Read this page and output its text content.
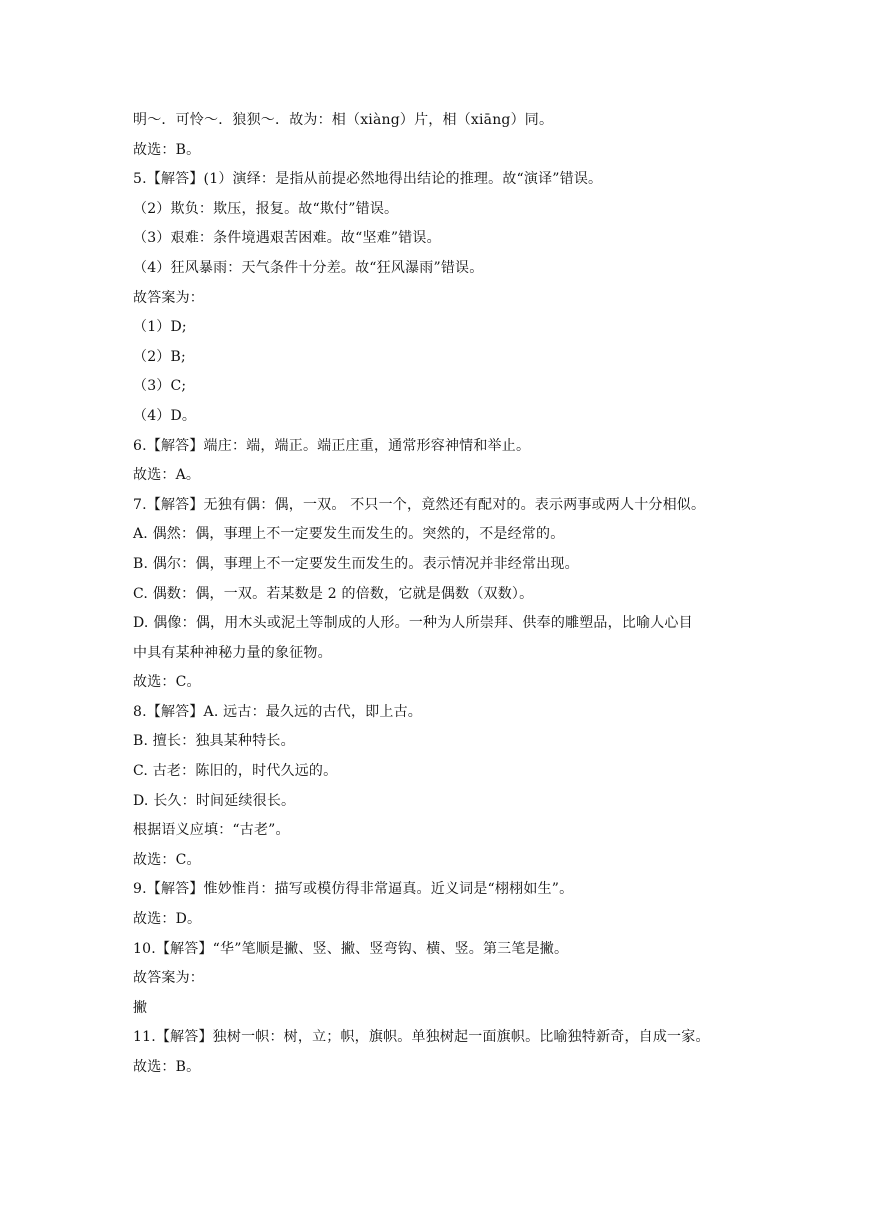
明～．可怜～．狼狈～．故为：相（xiàng）片，相（xiāng）同。
故选：B。
5.【解答】(1）演绎：是指从前提必然地得出结论的推理。故“演译”错误。
（2）欺负：欺压，报复。故“欺付”错误。
（3）艰难：条件境遇艰苦困难。故“坚难”错误。
（4）狂风暴雨：天气条件十分差。故“狂风瀑雨”错误。
故答案为：
（1）D;
（2）B;
（3）C;
（4）D。
6.【解答】端庄：端，端正。端正庄重，通常形容神情和举止。
故选：A。
7.【解答】无独有偶：偶，一双。 不只一个，竟然还有配对的。表示两事或两人十分相似。
A. 偶然：偶，事理上不一定要发生而发生的。突然的，不是经常的。
B. 偶尔：偶，事理上不一定要发生而发生的。表示情况并非经常出现。
C. 偶数：偶，一双。若某数是 2 的倍数，它就是偶数（双数）。
D. 偶像：偶，用木头或泥土等制成的人形。一种为人所崇拜、供奉的雕塑品，比喻人心目
中具有某种神秘力量的象征物。
故选：C。
8.【解答】A. 远古：最久远的古代，即上古。
B. 擅长：独具某种特长。
C. 古老：陈旧的，时代久远的。
D. 长久：时间延续很长。
根据语义应填：“古老”。
故选：C。
9.【解答】惟妙惟肖：描写或模仿得非常逼真。近义词是“栩栩如生”。
故选：D。
10.【解答】“华”笔顺是撇、竖、撇、竖弯钩、横、竖。第三笔是撇。
故答案为：
撇
11.【解答】独树一帜：树，立；帜，旗帜。单独树起一面旗帜。比喻独特新奇，自成一家。
故选：B。
